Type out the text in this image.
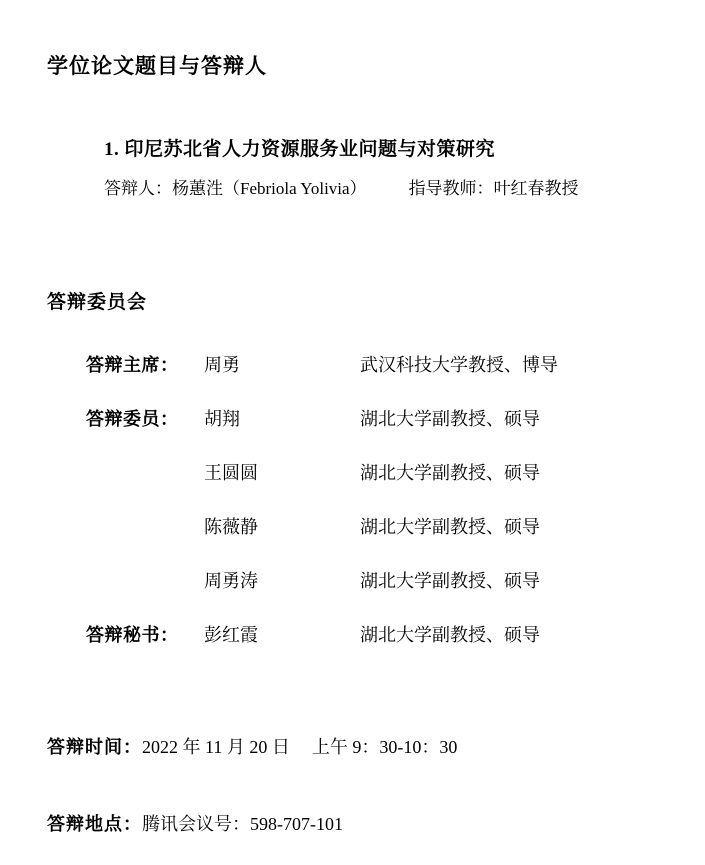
学位论文题目与答辩人
1. 印尼苏北省人力资源服务业问题与对策研究
答辩人：杨蕙泩（Febriola Yolivia） 指导教师：叶红春教授
答辩委员会
答辩主席：	周勇	武汉科技大学教授、博导
答辩委员：	胡翔	湖北大学副教授、硕导
	王圆圆	湖北大学副教授、硕导
	陈薇静	湖北大学副教授、硕导
	周勇涛	湖北大学副教授、硕导
答辩秘书：	彭红霞	湖北大学副教授、硕导
答辩时间：2022 年 11 月 20 日 上午 9：30-10：30
答辩地点：腾讯会议号：598-707-101
